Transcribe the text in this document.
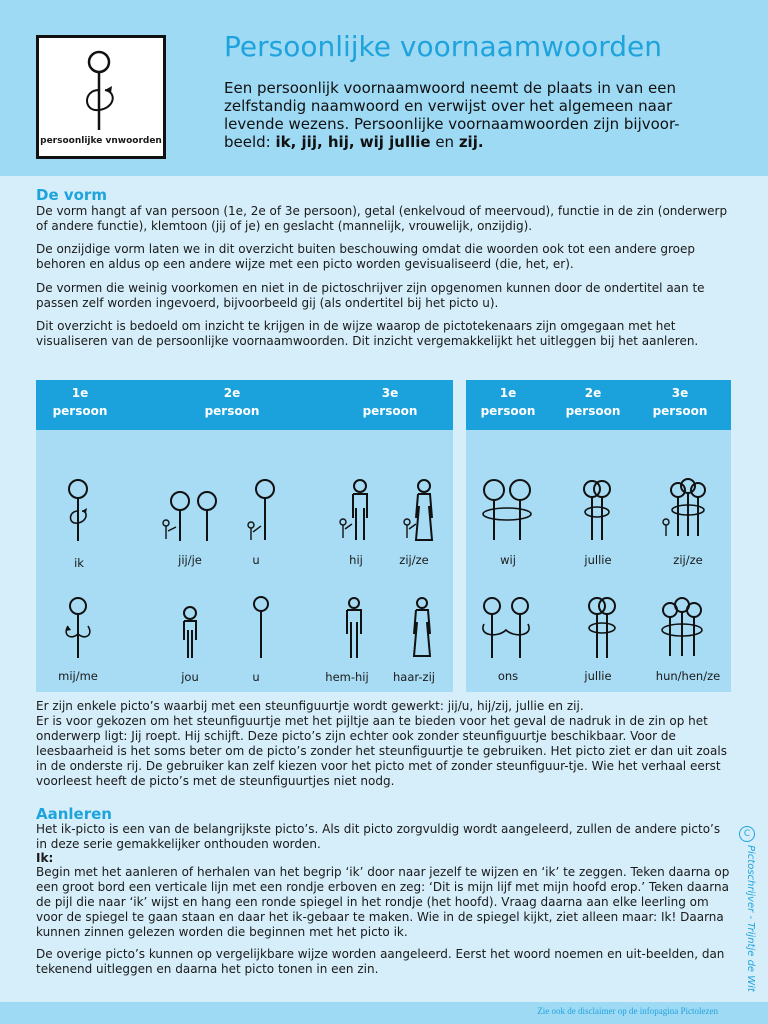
persoonlijke vnwoorden
Persoonlijke voornaamwoorden
Een persoonlijk voornaamwoord neemt de plaats in van een zelfstandig naamwoord en verwijst over het algemeen naar levende wezens. Persoonlijke voornaamwoorden zijn bijvoor-beeld: ik, jij, hij, wij jullie en zij.
De vorm
De vorm hangt af van persoon (1e, 2e of 3e persoon), getal (enkelvoud of meervoud), functie in de zin (onderwerp of andere functie), klemtoon (jij of je) en geslacht (mannelijk, vrouwelijk, onzijdig).
De onzijdige vorm laten we in dit overzicht buiten beschouwing omdat die woorden ook tot een andere groep behoren en aldus op een andere wijze met een picto worden gevisualiseerd (die, het, er).
De vormen die weinig voorkomen en niet in de pictoschrijver zijn opgenomen kunnen door de ondertitel aan te passen zelf worden ingevoerd, bijvoorbeeld gij (als ondertitel bij het picto u).
Dit overzicht is bedoeld om inzicht te krijgen in de wijze waarop de pictotekenaars zijn omgegaan met het visualiseren van de persoonlijke voornaamwoorden. Dit inzicht vergemakkelijkt het uitleggen bij het aanleren.
1e persoon
2e persoon
3e persoon
1e persoon
2e persoon
3e persoon
ik	jij/je	u	hij	zij/ze
mij/me	jou	u	hem-hij	haar-zij
wij	jullie	zij/ze
ons	jullie	hun/hen/ze
Er zijn enkele picto’s waarbij met een steunfiguurtje wordt gewerkt: jij/u, hij/zij, jullie en zij.
Er is voor gekozen om het steunfiguurtje met het pijltje aan te bieden voor het geval de nadruk in de zin op het onderwerp ligt: Jij roept. Hij schijft. Deze picto’s zijn echter ook zonder steunfiguurtje beschikbaar. Voor de leesbaarheid is het soms beter om de picto’s zonder het steunfiguurtje te gebruiken. Het picto ziet er dan uit zoals in de onderste rij. De gebruiker kan zelf kiezen voor het picto met of zonder steunfiguur-tje. Wie het verhaal eerst voorleest heeft de picto’s met de steunfiguurtjes niet nodg.
Aanleren
Het ik-picto is een van de belangrijkste picto’s. Als dit picto zorgvuldig wordt aangeleerd, zullen de andere picto’s in deze serie gemakkelijker onthouden worden.
Ik:
Begin met het aanleren of herhalen van het begrip ‘ik’ door naar jezelf te wijzen en ‘ik’ te zeggen. Teken daarna op een groot bord een verticale lijn met een rondje erboven en zeg: ‘Dit is mijn lijf met mijn hoofd erop.’ Teken daarna de pijl die naar ‘ik’ wijst en hang een ronde spiegel in het rondje (het hoofd). Vraag daarna aan elke leerling om voor de spiegel te gaan staan en daar het ik-gebaar te maken. Wie in de spiegel kijkt, ziet alleen maar: Ik! Daarna kunnen zinnen gelezen worden die beginnen met het picto ik.
De overige picto’s kunnen op vergelijkbare wijze worden aangeleerd. Eerst het woord noemen en uit-beelden, dan tekenend uitleggen en daarna het picto tonen in een zin.
C
Pictoschrijver - Trijntje de Wit
Zie ook de disclaimer op de infopagina Pictolezen
